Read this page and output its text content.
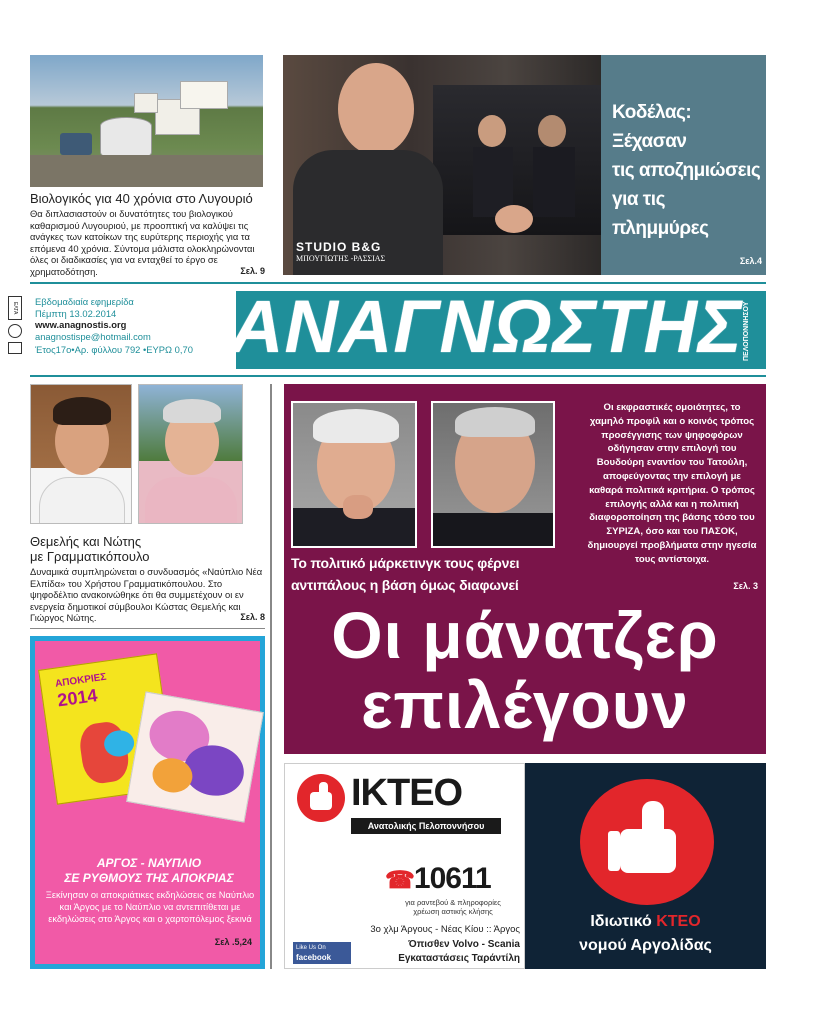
Βιολογικός για 40 χρόνια στο Λυγουριό
Θα διπλασιαστούν οι δυνατότητες του βιολογικού καθαρισμού Λυγουριού, με προοπτική να καλύψει τις ανάγκες των κατοίκων της ευρύτερης περιοχής για τα επόμενα 40 χρόνια. Σύντομα μάλιστα ολοκληρώνονται όλες οι διαδικασίες για να ενταχθεί το έργο σε χρηματοδότηση.	Σελ. 9
STUDIO B&G
ΜΠΟΥΓΙΩΤΗΣ -ΡΑΣΣΙΑΣ
Κοδέλας:
Ξέχασαν
τις αποζημιώσεις
για τις πλημμύρες
Σελ.4
ΕΛΤΑ
Εβδομαδιαία εφημερίδα
Πέμπτη 13.02.2014
www.anagnostis.org
anagnostispe@hotmail.com
Έτος17ο•Αρ. φύλλου 792 •ΕΥΡΩ 0,70 ΑΝΑΓΝΩΣΤΗΣ ΠΕΛΟΠΟΝΝΗΣΟΥ
Θεμελής και Νώτης
με Γραμματικόπουλο
Δυναμικά συμπληρώνεται ο συνδυασμός «Ναύπλιο Νέα Ελπίδα» του Χρήστου Γραμματικόπουλου. Στο ψηφοδέλτιο ανακοινώθηκε ότι θα συμμετέχουν οι εν ενεργεία δημοτικοί σύμβουλοι Κώστας Θεμελής και Γιώργος Νώτης.	Σελ. 8
Το πολιτικό μάρκετινγκ τους φέρνει
αντιπάλους η βάση όμως διαφωνεί
Οι εκφραστικές ομοιότητες, το χαμηλό προφίλ και ο κοινός τρόπος προσέγγισης των ψηφοφόρων οδήγησαν στην επιλογή του Βουδούρη εναντίον του Τατούλη, αποφεύγοντας την επιλογή με καθαρά πολιτικά κριτήρια. Ο τρόπος επιλογής αλλά και η πολιτική διαφοροποίηση της βάσης τόσο του ΣΥΡΙΖΑ, όσο και του ΠΑΣΟΚ, δημιουργεί προβλήματα στην ηγεσία τους αντίστοιχα.
Σελ. 3
Οι μάνατζερ
επιλέγουν
ΑΠΟΚΡΙΕΣ
2014
ΑΡΓΟΣ - ΝΑΥΠΛΙΟ
ΣΕ ΡΥΘΜΟΥΣ ΤΗΣ ΑΠΟΚΡΙΑΣ
Ξεκίνησαν οι αποκριάτικες εκδηλώσεις σε Ναύπλιο και Άργος με το Ναύπλιο να αντεπιτίθεται με εκδηλώσεις στο Άργος και ο χαρτοπόλεμος ξεκινά
Σελ .5,24
ΙΚΤΕΟ
Ανατολικής Πελοποννήσου
☎10611
για ραντεβού & πληροφορίες
χρέωση αστικής κλήσης
3ο χλμ Άργους - Νέας Κίου :: Άργος
Όπισθεν Volvo - Scania
Εγκαταστάσεις Ταράντίλη
Like Us On
facebook
Ιδιωτικό ΚΤΕΟ
νομού Αργολίδας
